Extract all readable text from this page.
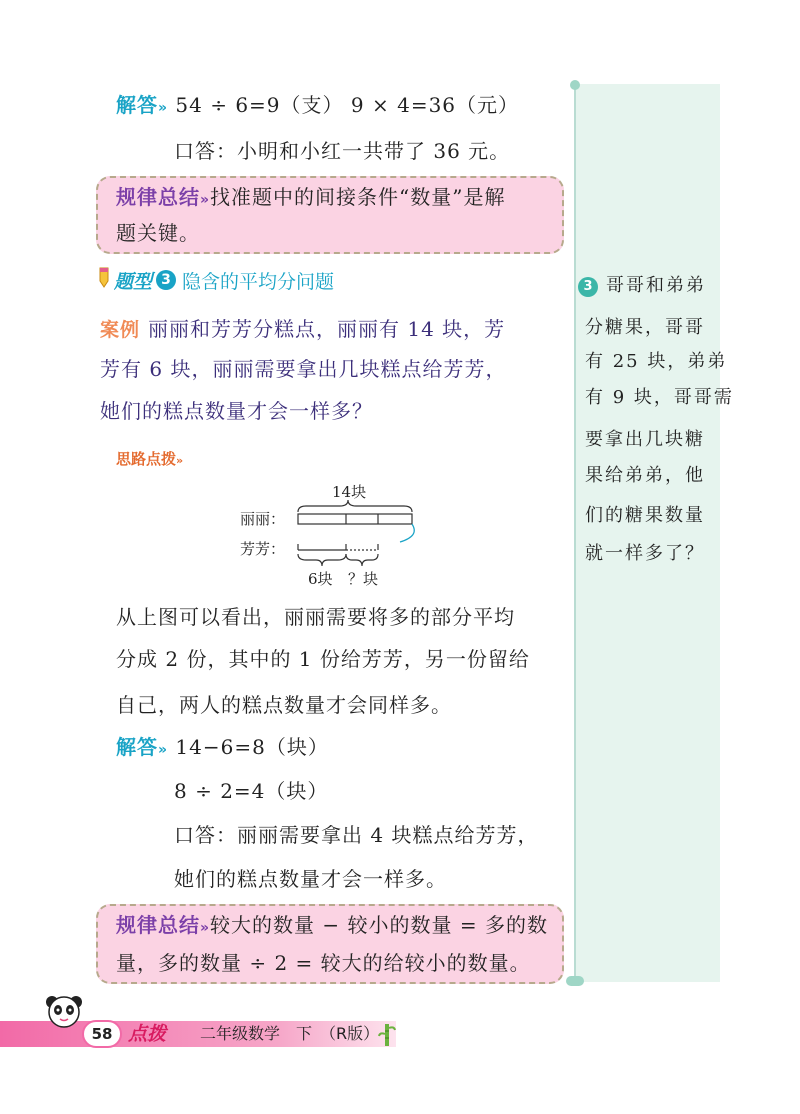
解答» 54 ÷ 6=9（支） 9 × 4=36（元）
口答：小明和小红一共带了 36 元。
规律总结»找准题中的间接条件“数量”是解
题关键。
题型 3 隐含的平均分问题
案例 丽丽和芳芳分糕点，丽丽有 14 块，芳
芳有 6 块，丽丽需要拿出几块糕点给芳芳，
她们的糕点数量才会一样多？
思路点拨»
14块
丽丽：
芳芳：
6块 ？块
从上图可以看出，丽丽需要将多的部分平均
分成 2 份，其中的 1 份给芳芳，另一份留给
自己，两人的糕点数量才会同样多。
解答» 14−6=8（块）
8 ÷ 2=4（块）
口答：丽丽需要拿出 4 块糕点给芳芳，
她们的糕点数量才会一样多。
规律总结»较大的数量 − 较小的数量 = 多的数
量，多的数量 ÷ 2 = 较大的给较小的数量。
3 哥哥和弟弟
分糖果，哥哥
有 25 块，弟弟
有 9 块，哥哥需
要拿出几块糖
果给弟弟，他
们的糖果数量
就一样多了？
58 点拨 二年级数学　下　（R版）
